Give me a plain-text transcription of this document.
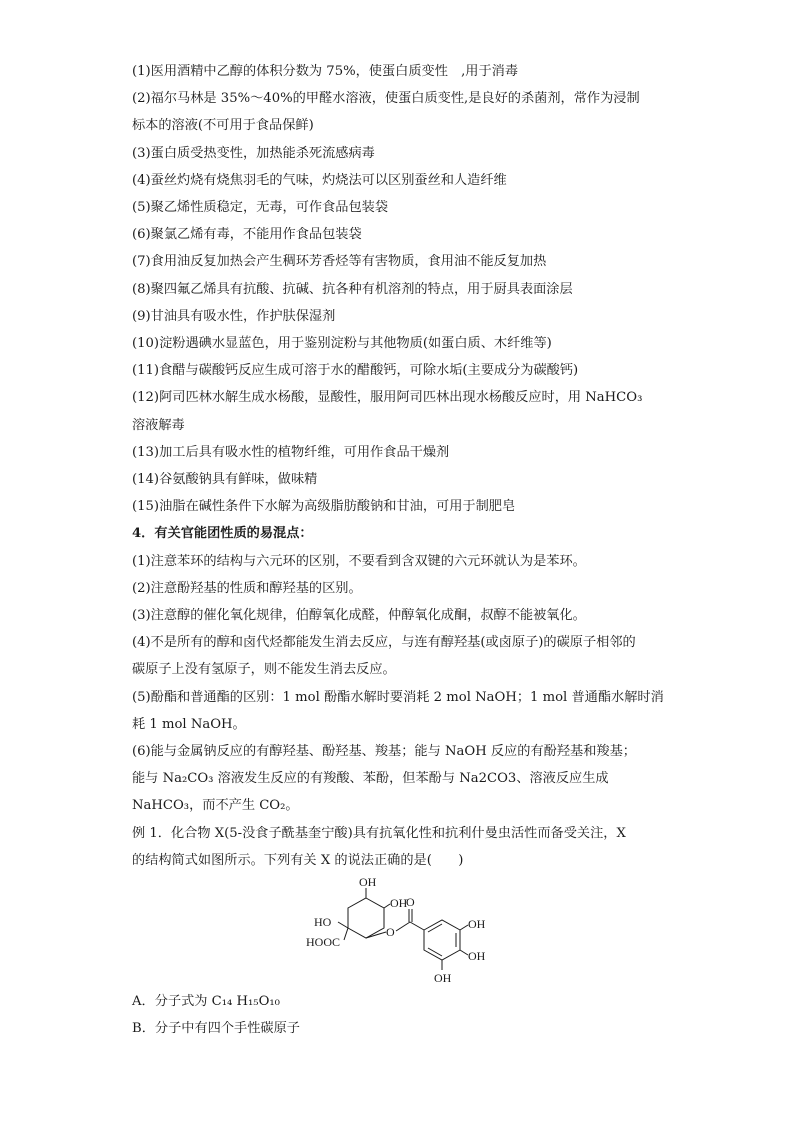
(1)医用酒精中乙醇的体积分数为 75%，使蛋白质变性　,用于消毒
(2)福尔马林是 35%～40%的甲醛水溶液，使蛋白质变性,是良好的杀菌剂，常作为浸制
标本的溶液(不可用于食品保鲜)
(3)蛋白质受热变性，加热能杀死流感病毒
(4)蚕丝灼烧有烧焦羽毛的气味，灼烧法可以区别蚕丝和人造纤维
(5)聚乙烯性质稳定，无毒，可作食品包装袋
(6)聚氯乙烯有毒，不能用作食品包装袋
(7)食用油反复加热会产生稠环芳香烃等有害物质，食用油不能反复加热
(8)聚四氟乙烯具有抗酸、抗碱、抗各种有机溶剂的特点，用于厨具表面涂层
(9)甘油具有吸水性，作护肤保湿剂
(10)淀粉遇碘水显蓝色，用于鉴别淀粉与其他物质(如蛋白质、木纤维等)
(11)食醋与碳酸钙反应生成可溶于水的醋酸钙，可除水垢(主要成分为碳酸钙)
(12)阿司匹林水解生成水杨酸，显酸性，服用阿司匹林出现水杨酸反应时，用 NaHCO₃
溶液解毒
(13)加工后具有吸水性的植物纤维，可用作食品干燥剂
(14)谷氨酸钠具有鲜味，做味精
(15)油脂在碱性条件下水解为高级脂肪酸钠和甘油，可用于制肥皂
4．有关官能团性质的易混点：
(1)注意苯环的结构与六元环的区别，不要看到含双键的六元环就认为是苯环。
(2)注意酚羟基的性质和醇羟基的区别。
(3)注意醇的催化氧化规律，伯醇氧化成醛，仲醇氧化成酮，叔醇不能被氧化。
(4)不是所有的醇和卤代烃都能发生消去反应，与连有醇羟基(或卤原子)的碳原子相邻的
碳原子上没有氢原子，则不能发生消去反应。
(5)酚酯和普通酯的区别：1 mol 酚酯水解时要消耗 2 mol NaOH；1 mol 普通酯水解时消
耗 1 mol NaOH。
(6)能与金属钠反应的有醇羟基、酚羟基、羧基；能与 NaOH 反应的有酚羟基和羧基；
能与 Na₂CO₃ 溶液发生反应的有羧酸、苯酚，但苯酚与 Na2CO3、溶液反应生成
NaHCO₃，而不产生 CO₂。
例 1．化合物 X(5-没食子酰基奎宁酸)具有抗氧化性和抗利什曼虫活性而备受关注，X
的结构简式如图所示。下列有关 X 的说法正确的是(　　)
OH
OH
HO
HOOC
O
O
OH
OH
OH
A．分子式为 C₁₄ H₁₅O₁₀
B．分子中有四个手性碳原子
